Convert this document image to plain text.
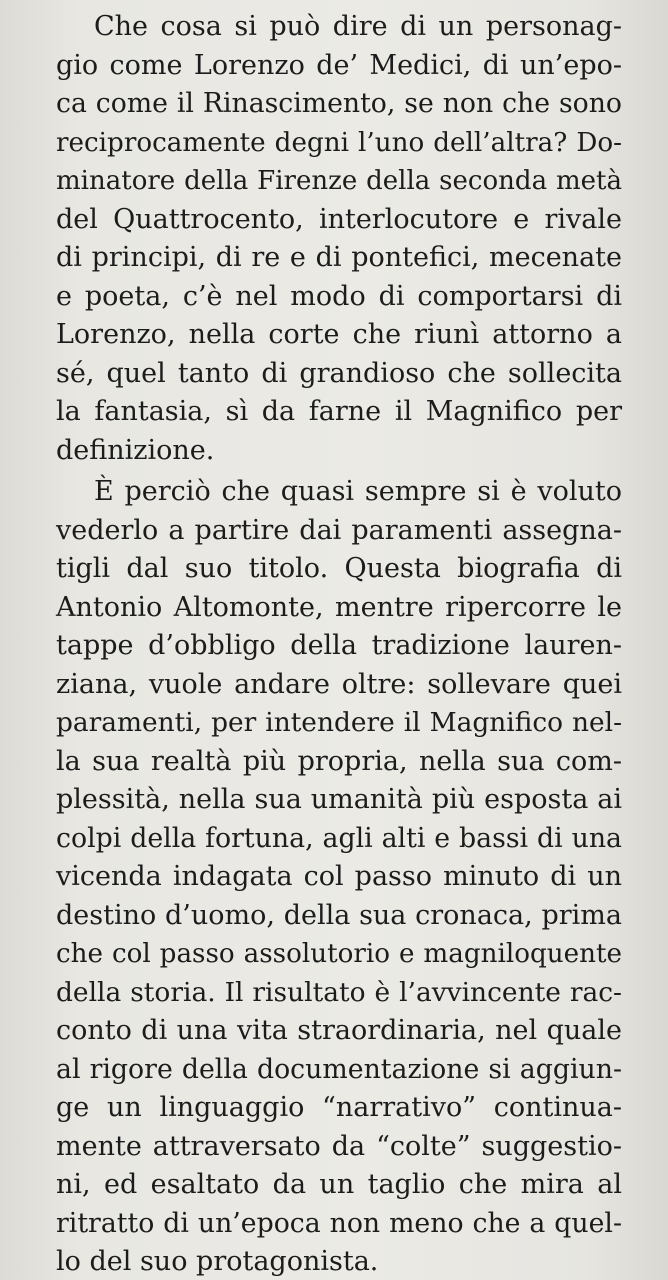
Che cosa si può dire di un personag-
gio come Lorenzo de’ Medici, di un’epo-
ca come il Rinascimento, se non che sono
reciprocamente degni l’uno dell’altra? Do-
minatore della Firenze della seconda metà
del Quattrocento, interlocutore e rivale
di principi, di re e di pontefici, mecenate
e poeta, c’è nel modo di comportarsi di
Lorenzo, nella corte che riunì attorno a
sé, quel tanto di grandioso che sollecita
la fantasia, sì da farne il Magnifico per
definizione.
È perciò che quasi sempre si è voluto
vederlo a partire dai paramenti assegna-
tigli dal suo titolo. Questa biografia di
Antonio Altomonte, mentre ripercorre le
tappe d’obbligo della tradizione lauren-
ziana, vuole andare oltre: sollevare quei
paramenti, per intendere il Magnifico nel-
la sua realtà più propria, nella sua com-
plessità, nella sua umanità più esposta ai
colpi della fortuna, agli alti e bassi di una
vicenda indagata col passo minuto di un
destino d’uomo, della sua cronaca, prima
che col passo assolutorio e magniloquente
della storia. Il risultato è l’avvincente rac-
conto di una vita straordinaria, nel quale
al rigore della documentazione si aggiun-
ge un linguaggio “narrativo” continua-
mente attraversato da “colte” suggestio-
ni, ed esaltato da un taglio che mira al
ritratto di un’epoca non meno che a quel-
lo del suo protagonista.
